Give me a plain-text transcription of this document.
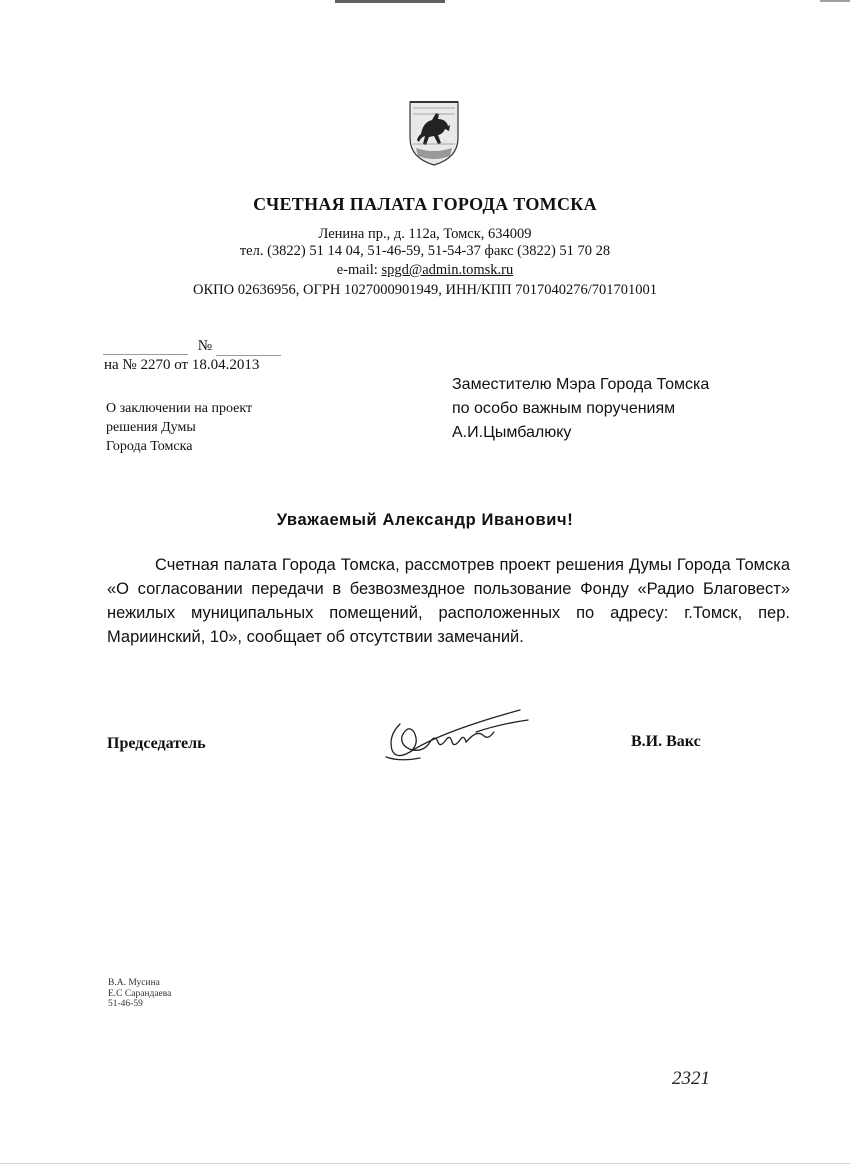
СЧЕТНАЯ ПАЛАТА ГОРОДА ТОМСКА
Ленина пр., д. 112а, Томск, 634009
тел. (3822) 51 14 04, 51-46-59, 51-54-37 факс (3822) 51 70 28
e-mail: spgd@admin.tomsk.ru
ОКПО 02636956, ОГРН 1027000901949, ИНН/КПП 7017040276/701701001
№
на № 2270 от 18.04.2013
О заключении на проект
решения Думы
Города Томска
Заместителю Мэра Города Томска
по особо важным поручениям
А.И.Цымбалюку
Уважаемый Александр Иванович!
Счетная палата Города Томска, рассмотрев проект решения Думы Города Томска «О согласовании передачи в безвозмездное пользование Фонду «Радио Благовест» нежилых муниципальных помещений, расположенных по адресу: г.Томск, пер. Мариинский, 10», сообщает об отсутствии замечаний.
Председатель	В.И. Вакс
В.А. Мусина
Е.С Сарандаева
51-46-59
2321
